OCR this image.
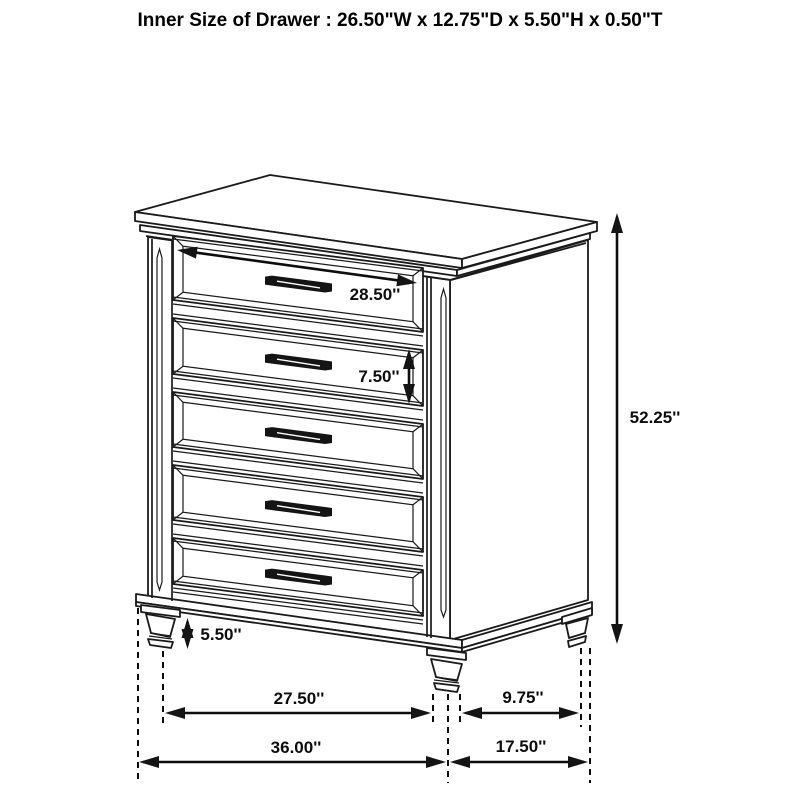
Inner Size of Drawer : 26.50"W x 12.75"D x 5.50"H x 0.50"T
28.50''
7.50''
52.25''
5.50''
27.50''	9.75''
36.00''	17.50''
